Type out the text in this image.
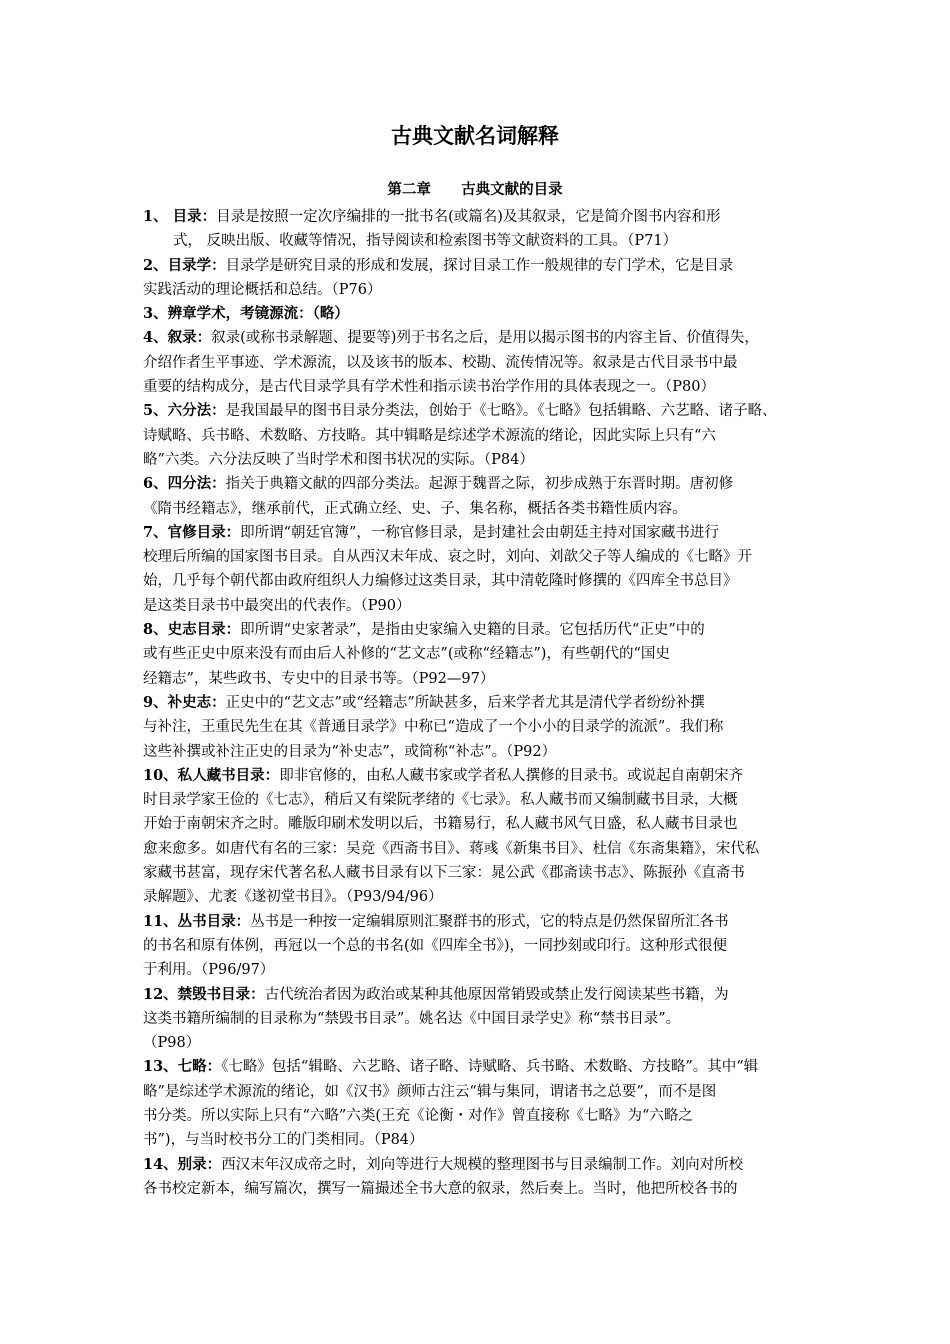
古典文献名词解释
第二章      古典文献的目录
1、 目录：目录是按照一定次序编排的一批书名(或篇名)及其叙录，它是简介图书内容和形
式， 反映出版、收藏等情况，指导阅读和检索图书等文献资料的工具。（P71）
2、目录学：目录学是研究目录的形成和发展，探讨目录工作一般规律的专门学术，它是目录
实践活动的理论概括和总结。（P76）
3、辨章学术，考镜源流：（略）
4、叙录：叙录(或称书录解题、提要等)列于书名之后，是用以揭示图书的内容主旨、价值得失，
介绍作者生平事迹、学术源流，以及该书的版本、校勘、流传情况等。叙录是古代目录书中最
重要的结构成分，是古代目录学具有学术性和指示读书治学作用的具体表现之一。（P80）
5、六分法：是我国最早的图书目录分类法，创始于《七略》。《七略》包括辑略、六艺略、诸子略、
诗赋略、兵书略、术数略、方技略。其中辑略是综述学术源流的绪论，因此实际上只有“六
略”六类。六分法反映了当时学术和图书状况的实际。（P84）
6、四分法：指关于典籍文献的四部分类法。起源于魏晋之际，初步成熟于东晋时期。唐初修
《隋书经籍志》，继承前代，正式确立经、史、子、集名称，概括各类书籍性质内容。
7、官修目录：即所谓“朝廷官簿”，一称官修目录，是封建社会由朝廷主持对国家藏书进行
校理后所编的国家图书目录。自从西汉末年成、哀之时，刘向、刘歆父子等人编成的《七略》开
始，几乎每个朝代都由政府组织人力编修过这类目录，其中清乾隆时修撰的《四库全书总目》
是这类目录书中最突出的代表作。（P90）
8、史志目录：即所谓“史家著录”，是指由史家编入史籍的目录。它包括历代“正史”中的
或有些正史中原来没有而由后人补修的“艺文志”(或称“经籍志”)，有些朝代的“国史
经籍志”，某些政书、专史中的目录书等。（P92—97）
9、补史志：正史中的“艺文志”或“经籍志”所缺甚多，后来学者尤其是清代学者纷纷补撰
与补注，王重民先生在其《普通目录学》中称已“造成了一个小小的目录学的流派”。我们称
这些补撰或补注正史的目录为“补史志”，或简称“补志”。（P92）
10、私人藏书目录：即非官修的，由私人藏书家或学者私人撰修的目录书。或说起自南朝宋齐
时目录学家王俭的《七志》，稍后又有梁阮孝绪的《七录》。私人藏书而又编制藏书目录，大概
开始于南朝宋齐之时。雕版印刷术发明以后，书籍易行，私人藏书风气日盛，私人藏书目录也
愈来愈多。如唐代有名的三家：吴竞《西斋书目》、蒋彧《新集书目》、杜信《东斋集籍》，宋代私
家藏书甚富，现存宋代著名私人藏书目录有以下三家：晁公武《郡斋读书志》、陈振孙《直斋书
录解题》、尤袤《遂初堂书目》。（P93/94/96）
11、丛书目录：丛书是一种按一定编辑原则汇聚群书的形式，它的特点是仍然保留所汇各书
的书名和原有体例，再冠以一个总的书名(如《四库全书》)，一同抄刻或印行。这种形式很便
于利用。（P96/97）
12、禁毁书目录：古代统治者因为政治或某种其他原因常销毁或禁止发行阅读某些书籍，为
这类书籍所编制的目录称为“禁毁书目录”。姚名达《中国目录学史》称“禁书目录”。
（P98）
13、七略：《七略》包括“辑略、六艺略、诸子略、诗赋略、兵书略、术数略、方技略”。其中“辑
略”是综述学术源流的绪论，如《汉书》颜师古注云“辑与集同，谓诸书之总要”，而不是图
书分类。所以实际上只有“六略”六类(王充《论衡・对作》曾直接称《七略》为“六略之
书”)，与当时校书分工的门类相同。（P84）
14、别录：西汉末年汉成帝之时，刘向等进行大规模的整理图书与目录编制工作。刘向对所校
各书校定新本，编写篇次，撰写一篇撮述全书大意的叙录，然后奏上。当时，他把所校各书的
